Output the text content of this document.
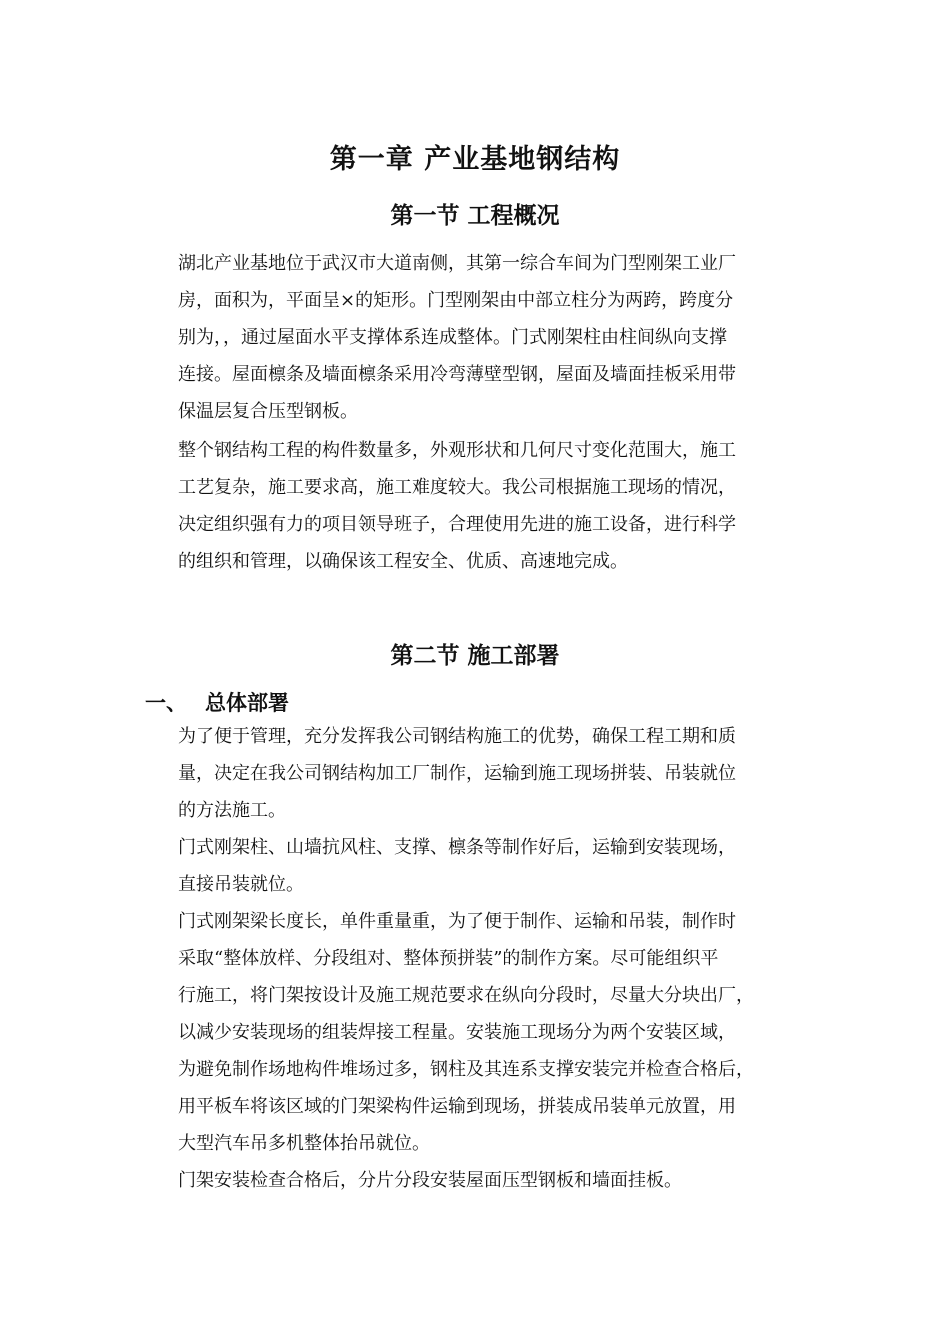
第一章 产业基地钢结构
第一节 工程概况
湖北产业基地位于武汉市大道南侧，其第一综合车间为门型刚架工业厂
房，面积为，平面呈×的矩形。门型刚架由中部立柱分为两跨，跨度分
别为，，通过屋面水平支撑体系连成整体。门式刚架柱由柱间纵向支撑
连接。屋面檩条及墙面檩条采用冷弯薄壁型钢，屋面及墙面挂板采用带
保温层复合压型钢板。
整个钢结构工程的构件数量多，外观形状和几何尺寸变化范围大，施工
工艺复杂，施工要求高，施工难度较大。我公司根据施工现场的情况，
决定组织强有力的项目领导班子，合理使用先进的施工设备，进行科学
的组织和管理，以确保该工程安全、优质、高速地完成。
第二节 施工部署
一、 总体部署
为了便于管理，充分发挥我公司钢结构施工的优势，确保工程工期和质
量，决定在我公司钢结构加工厂制作，运输到施工现场拼装、吊装就位
的方法施工。
门式刚架柱、山墙抗风柱、支撑、檩条等制作好后，运输到安装现场，
直接吊装就位。
门式刚架梁长度长，单件重量重，为了便于制作、运输和吊装，制作时
采取“整体放样、分段组对、整体预拼装”的制作方案。尽可能组织平
行施工，将门架按设计及施工规范要求在纵向分段时，尽量大分块出厂，
以减少安装现场的组装焊接工程量。安装施工现场分为两个安装区域，
为避免制作场地构件堆场过多，钢柱及其连系支撑安装完并检查合格后，
用平板车将该区域的门架梁构件运输到现场，拼装成吊装单元放置，用
大型汽车吊多机整体抬吊就位。
门架安装检查合格后，分片分段安装屋面压型钢板和墙面挂板。
